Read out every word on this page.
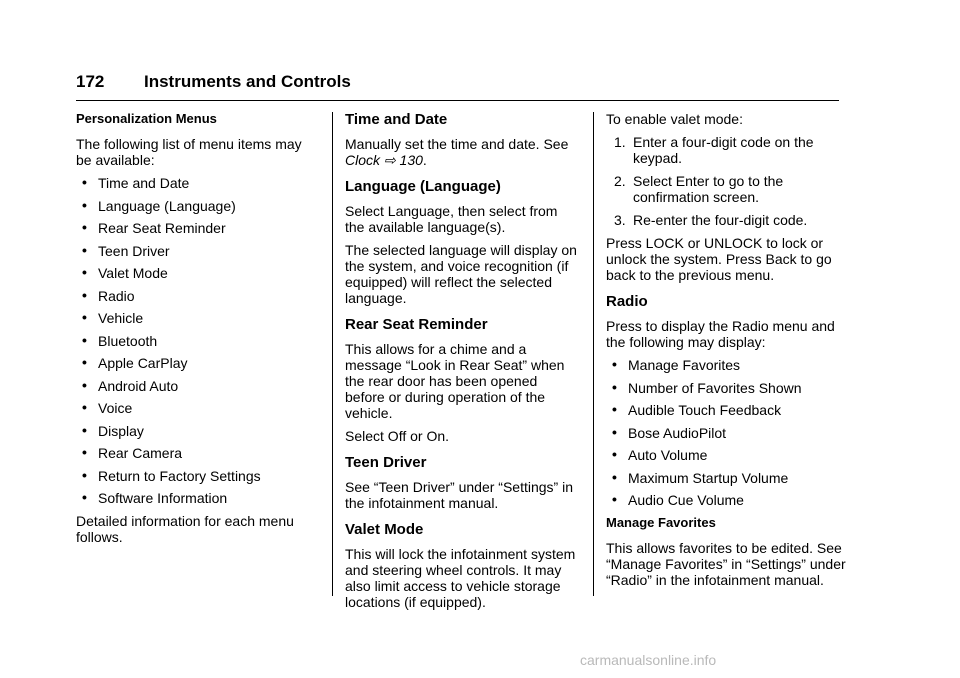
172 Instruments and Controls
Personalization Menus

The following list of menu items may be available:

• Time and Date
• Language (Language)
• Rear Seat Reminder
• Teen Driver
• Valet Mode
• Radio
• Vehicle
• Bluetooth
• Apple CarPlay
• Android Auto
• Voice
• Display
• Rear Camera
• Return to Factory Settings
• Software Information

Detailed information for each menu follows.

Time and Date

Manually set the time and date. See Clock ⇨ 130.

Language (Language)

Select Language, then select from the available language(s).

The selected language will display on the system, and voice recognition (if equipped) will reflect the selected language.

Rear Seat Reminder

This allows for a chime and a message “Look in Rear Seat” when the rear door has been opened before or during operation of the vehicle.

Select Off or On.

Teen Driver

See “Teen Driver” under “Settings” in the infotainment manual.

Valet Mode

This will lock the infotainment system and steering wheel controls. It may also limit access to vehicle storage locations (if equipped).

To enable valet mode:

1. Enter a four-digit code on the keypad.
2. Select Enter to go to the confirmation screen.
3. Re-enter the four-digit code.

Press LOCK or UNLOCK to lock or unlock the system. Press Back to go back to the previous menu.

Radio

Press to display the Radio menu and the following may display:

• Manage Favorites
• Number of Favorites Shown
• Audible Touch Feedback
• Bose AudioPilot
• Auto Volume
• Maximum Startup Volume
• Audio Cue Volume
Manage Favorites

This allows favorites to be edited. See “Manage Favorites” in “Settings” under “Radio” in the infotainment manual.

carmanualsonline.info
